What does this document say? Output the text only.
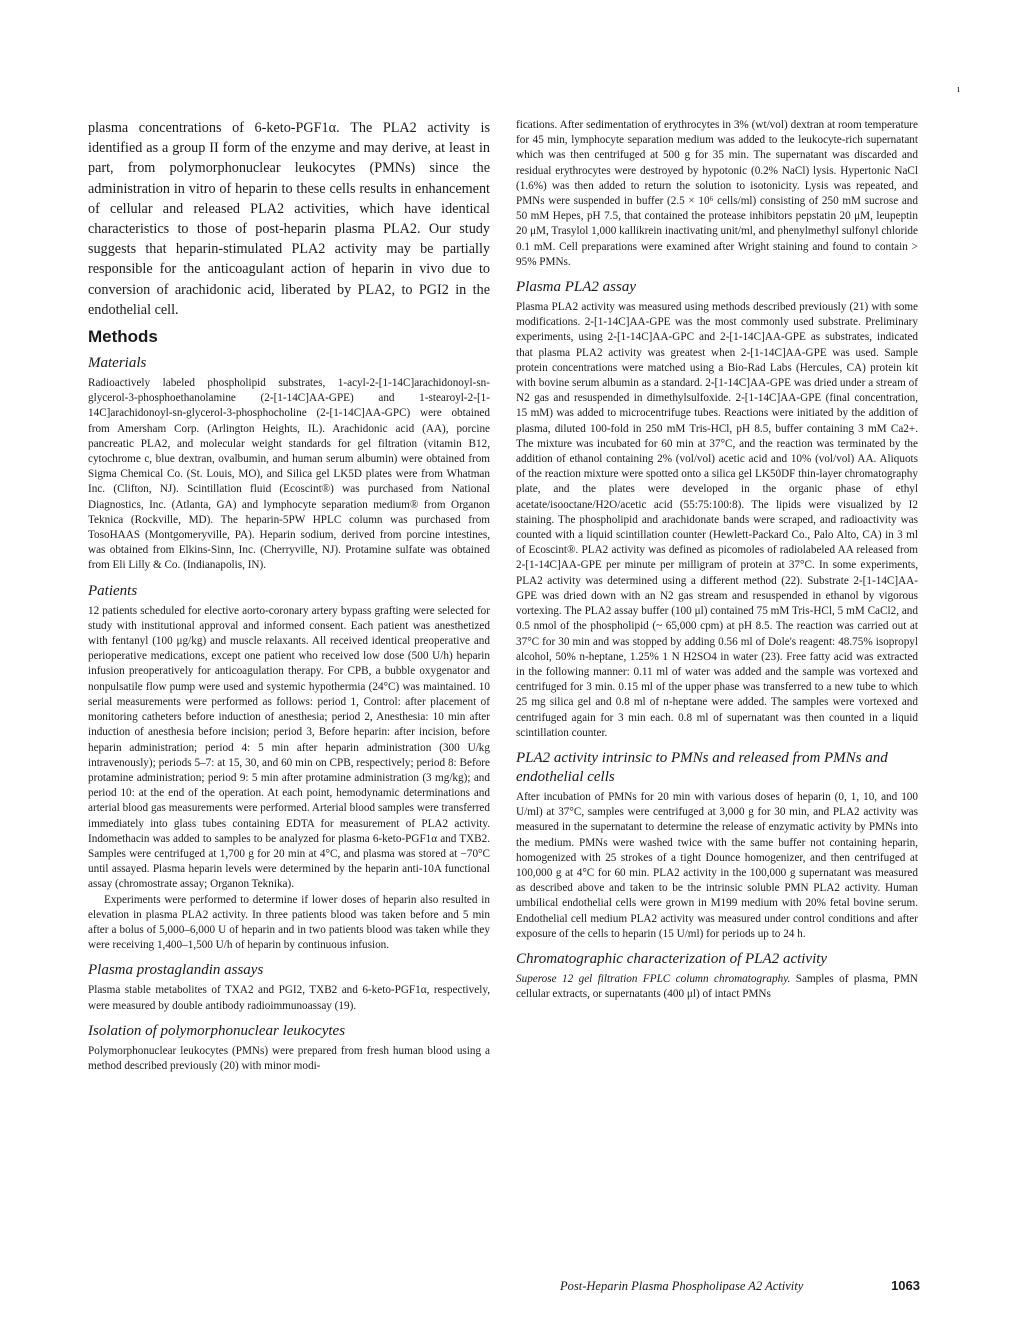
ı

plasma concentrations of 6-keto-PGF1α. The PLA2 activity is identified as a group II form of the enzyme and may derive, at least in part, from polymorphonuclear leukocytes (PMNs) since the administration in vitro of heparin to these cells results in enhancement of cellular and released PLA2 activities, which have identical characteristics to those of post-heparin plasma PLA2. Our study suggests that heparin-stimulated PLA2 activity may be partially responsible for the anticoagulant action of heparin in vivo due to conversion of arachidonic acid, liberated by PLA2, to PGI2 in the endothelial cell.

Methods
Materials

Radioactively labeled phospholipid substrates, 1-acyl-2-[1-14C]arachidonoyl-sn-glycerol-3-phosphoethanolamine (2-[1-14C]AA-GPE) and 1-stearoyl-2-[1-14C]arachidonoyl-sn-glycerol-3-phosphocholine (2-[1-14C]AA-GPC) were obtained from Amersham Corp. (Arlington Heights, IL). Arachidonic acid (AA), porcine pancreatic PLA2, and molecular weight standards for gel filtration (vitamin B12, cytochrome c, blue dextran, ovalbumin, and human serum albumin) were obtained from Sigma Chemical Co. (St. Louis, MO), and Silica gel LK5D plates were from Whatman Inc. (Clifton, NJ). Scintillation fluid (Ecoscint®) was purchased from National Diagnostics, Inc. (Atlanta, GA) and lymphocyte separation medium® from Organon Teknica (Rockville, MD). The heparin-5PW HPLC column was purchased from TosoHAAS (Montgomeryville, PA). Heparin sodium, derived from porcine intestines, was obtained from Elkins-Sinn, Inc. (Cherryville, NJ). Protamine sulfate was obtained from Eli Lilly & Co. (Indianapolis, IN).

Patients

12 patients scheduled for elective aorto-coronary artery bypass grafting were selected for study with institutional approval and informed consent. Each patient was anesthetized with fentanyl (100 μg/kg) and muscle relaxants. All received identical preoperative and perioperative medications, except one patient who received low dose (500 U/h) heparin infusion preoperatively for anticoagulation therapy. For CPB, a bubble oxygenator and nonpulsatile flow pump were used and systemic hypothermia (24°C) was maintained. 10 serial measurements were performed as follows: period 1, Control: after placement of monitoring catheters before induction of anesthesia; period 2, Anesthesia: 10 min after induction of anesthesia before incision; period 3, Before heparin: after incision, before heparin administration; period 4: 5 min after heparin administration (300 U/kg intravenously); periods 5–7: at 15, 30, and 60 min on CPB, respectively; period 8: Before protamine administration; period 9: 5 min after protamine administration (3 mg/kg); and period 10: at the end of the operation. At each point, hemodynamic determinations and arterial blood gas measurements were performed. Arterial blood samples were transferred immediately into glass tubes containing EDTA for measurement of PLA2 activity. Indomethacin was added to samples to be analyzed for plasma 6-keto-PGF1α and TXB2. Samples were centrifuged at 1,700 g for 20 min at 4°C, and plasma was stored at −70°C until assayed. Plasma heparin levels were determined by the heparin anti-10A functional assay (chromostrate assay; Organon Teknika).

Experiments were performed to determine if lower doses of heparin also resulted in elevation in plasma PLA2 activity. In three patients blood was taken before and 5 min after a bolus of 5,000–6,000 U of heparin and in two patients blood was taken while they were receiving 1,400–1,500 U/h of heparin by continuous infusion.

Plasma prostaglandin assays

Plasma stable metabolites of TXA2 and PGI2, TXB2 and 6-keto-PGF1α, respectively, were measured by double antibody radioimmunoassay (19).

Isolation of polymorphonuclear leukocytes

Polymorphonuclear leukocytes (PMNs) were prepared from fresh human blood using a method described previously (20) with minor modi-

fications. After sedimentation of erythrocytes in 3% (wt/vol) dextran at room temperature for 45 min, lymphocyte separation medium was added to the leukocyte-rich supernatant which was then centrifuged at 500 g for 35 min. The supernatant was discarded and residual erythrocytes were destroyed by hypotonic (0.2% NaCl) lysis. Hypertonic NaCl (1.6%) was then added to return the solution to isotonicity. Lysis was repeated, and PMNs were suspended in buffer (2.5 × 10⁶ cells/ml) consisting of 250 mM sucrose and 50 mM Hepes, pH 7.5, that contained the protease inhibitors pepstatin 20 μM, leupeptin 20 μM, Trasylol 1,000 kallikrein inactivating unit/ml, and phenylmethyl sulfonyl chloride 0.1 mM. Cell preparations were examined after Wright staining and found to contain > 95% PMNs.

Plasma PLA2 assay

Plasma PLA2 activity was measured using methods described previously (21) with some modifications. 2-[1-14C]AA-GPE was the most commonly used substrate. Preliminary experiments, using 2-[1-14C]AA-GPC and 2-[1-14C]AA-GPE as substrates, indicated that plasma PLA2 activity was greatest when 2-[1-14C]AA-GPE was used. Sample protein concentrations were matched using a Bio-Rad Labs (Hercules, CA) protein kit with bovine serum albumin as a standard. 2-[1-14C]AA-GPE was dried under a stream of N2 gas and resuspended in dimethylsulfoxide. 2-[1-14C]AA-GPE (final concentration, 15 mM) was added to microcentrifuge tubes. Reactions were initiated by the addition of plasma, diluted 100-fold in 250 mM Tris-HCl, pH 8.5, buffer containing 3 mM Ca2+. The mixture was incubated for 60 min at 37°C, and the reaction was terminated by the addition of ethanol containing 2% (vol/vol) acetic acid and 10% (vol/vol) AA. Aliquots of the reaction mixture were spotted onto a silica gel LK50DF thin-layer chromatography plate, and the plates were developed in the organic phase of ethyl acetate/isooctane/H2O/acetic acid (55:75:100:8). The lipids were visualized by I2 staining. The phospholipid and arachidonate bands were scraped, and radioactivity was counted with a liquid scintillation counter (Hewlett-Packard Co., Palo Alto, CA) in 3 ml of Ecoscint®. PLA2 activity was defined as picomoles of radiolabeled AA released from 2-[1-14C]AA-GPE per minute per milligram of protein at 37°C. In some experiments, PLA2 activity was determined using a different method (22). Substrate 2-[1-14C]AA-GPE was dried down with an N2 gas stream and resuspended in ethanol by vigorous vortexing. The PLA2 assay buffer (100 μl) contained 75 mM Tris-HCl, 5 mM CaCl2, and 0.5 nmol of the phospholipid (~ 65,000 cpm) at pH 8.5. The reaction was carried out at 37°C for 30 min and was stopped by adding 0.56 ml of Dole's reagent: 48.75% isopropyl alcohol, 50% n-heptane, 1.25% 1 N H2SO4 in water (23). Free fatty acid was extracted in the following manner: 0.11 ml of water was added and the sample was vortexed and centrifuged for 3 min. 0.15 ml of the upper phase was transferred to a new tube to which 25 mg silica gel and 0.8 ml of n-heptane were added. The samples were vortexed and centrifuged again for 3 min each. 0.8 ml of supernatant was then counted in a liquid scintillation counter.

PLA2 activity intrinsic to PMNs and released from PMNs and endothelial cells

After incubation of PMNs for 20 min with various doses of heparin (0, 1, 10, and 100 U/ml) at 37°C, samples were centrifuged at 3,000 g for 30 min, and PLA2 activity was measured in the supernatant to determine the release of enzymatic activity by PMNs into the medium. PMNs were washed twice with the same buffer not containing heparin, homogenized with 25 strokes of a tight Dounce homogenizer, and then centrifuged at 100,000 g at 4°C for 60 min. PLA2 activity in the 100,000 g supernatant was measured as described above and taken to be the intrinsic soluble PMN PLA2 activity. Human umbilical endothelial cells were grown in M199 medium with 20% fetal bovine serum. Endothelial cell medium PLA2 activity was measured under control conditions and after exposure of the cells to heparin (15 U/ml) for periods up to 24 h.

Chromatographic characterization of PLA2 activity

Superose 12 gel filtration FPLC column chromatography. Samples of plasma, PMN cellular extracts, or supernatants (400 μl) of intact PMNs

Post-Heparin Plasma Phospholipase A2 Activity	1063
